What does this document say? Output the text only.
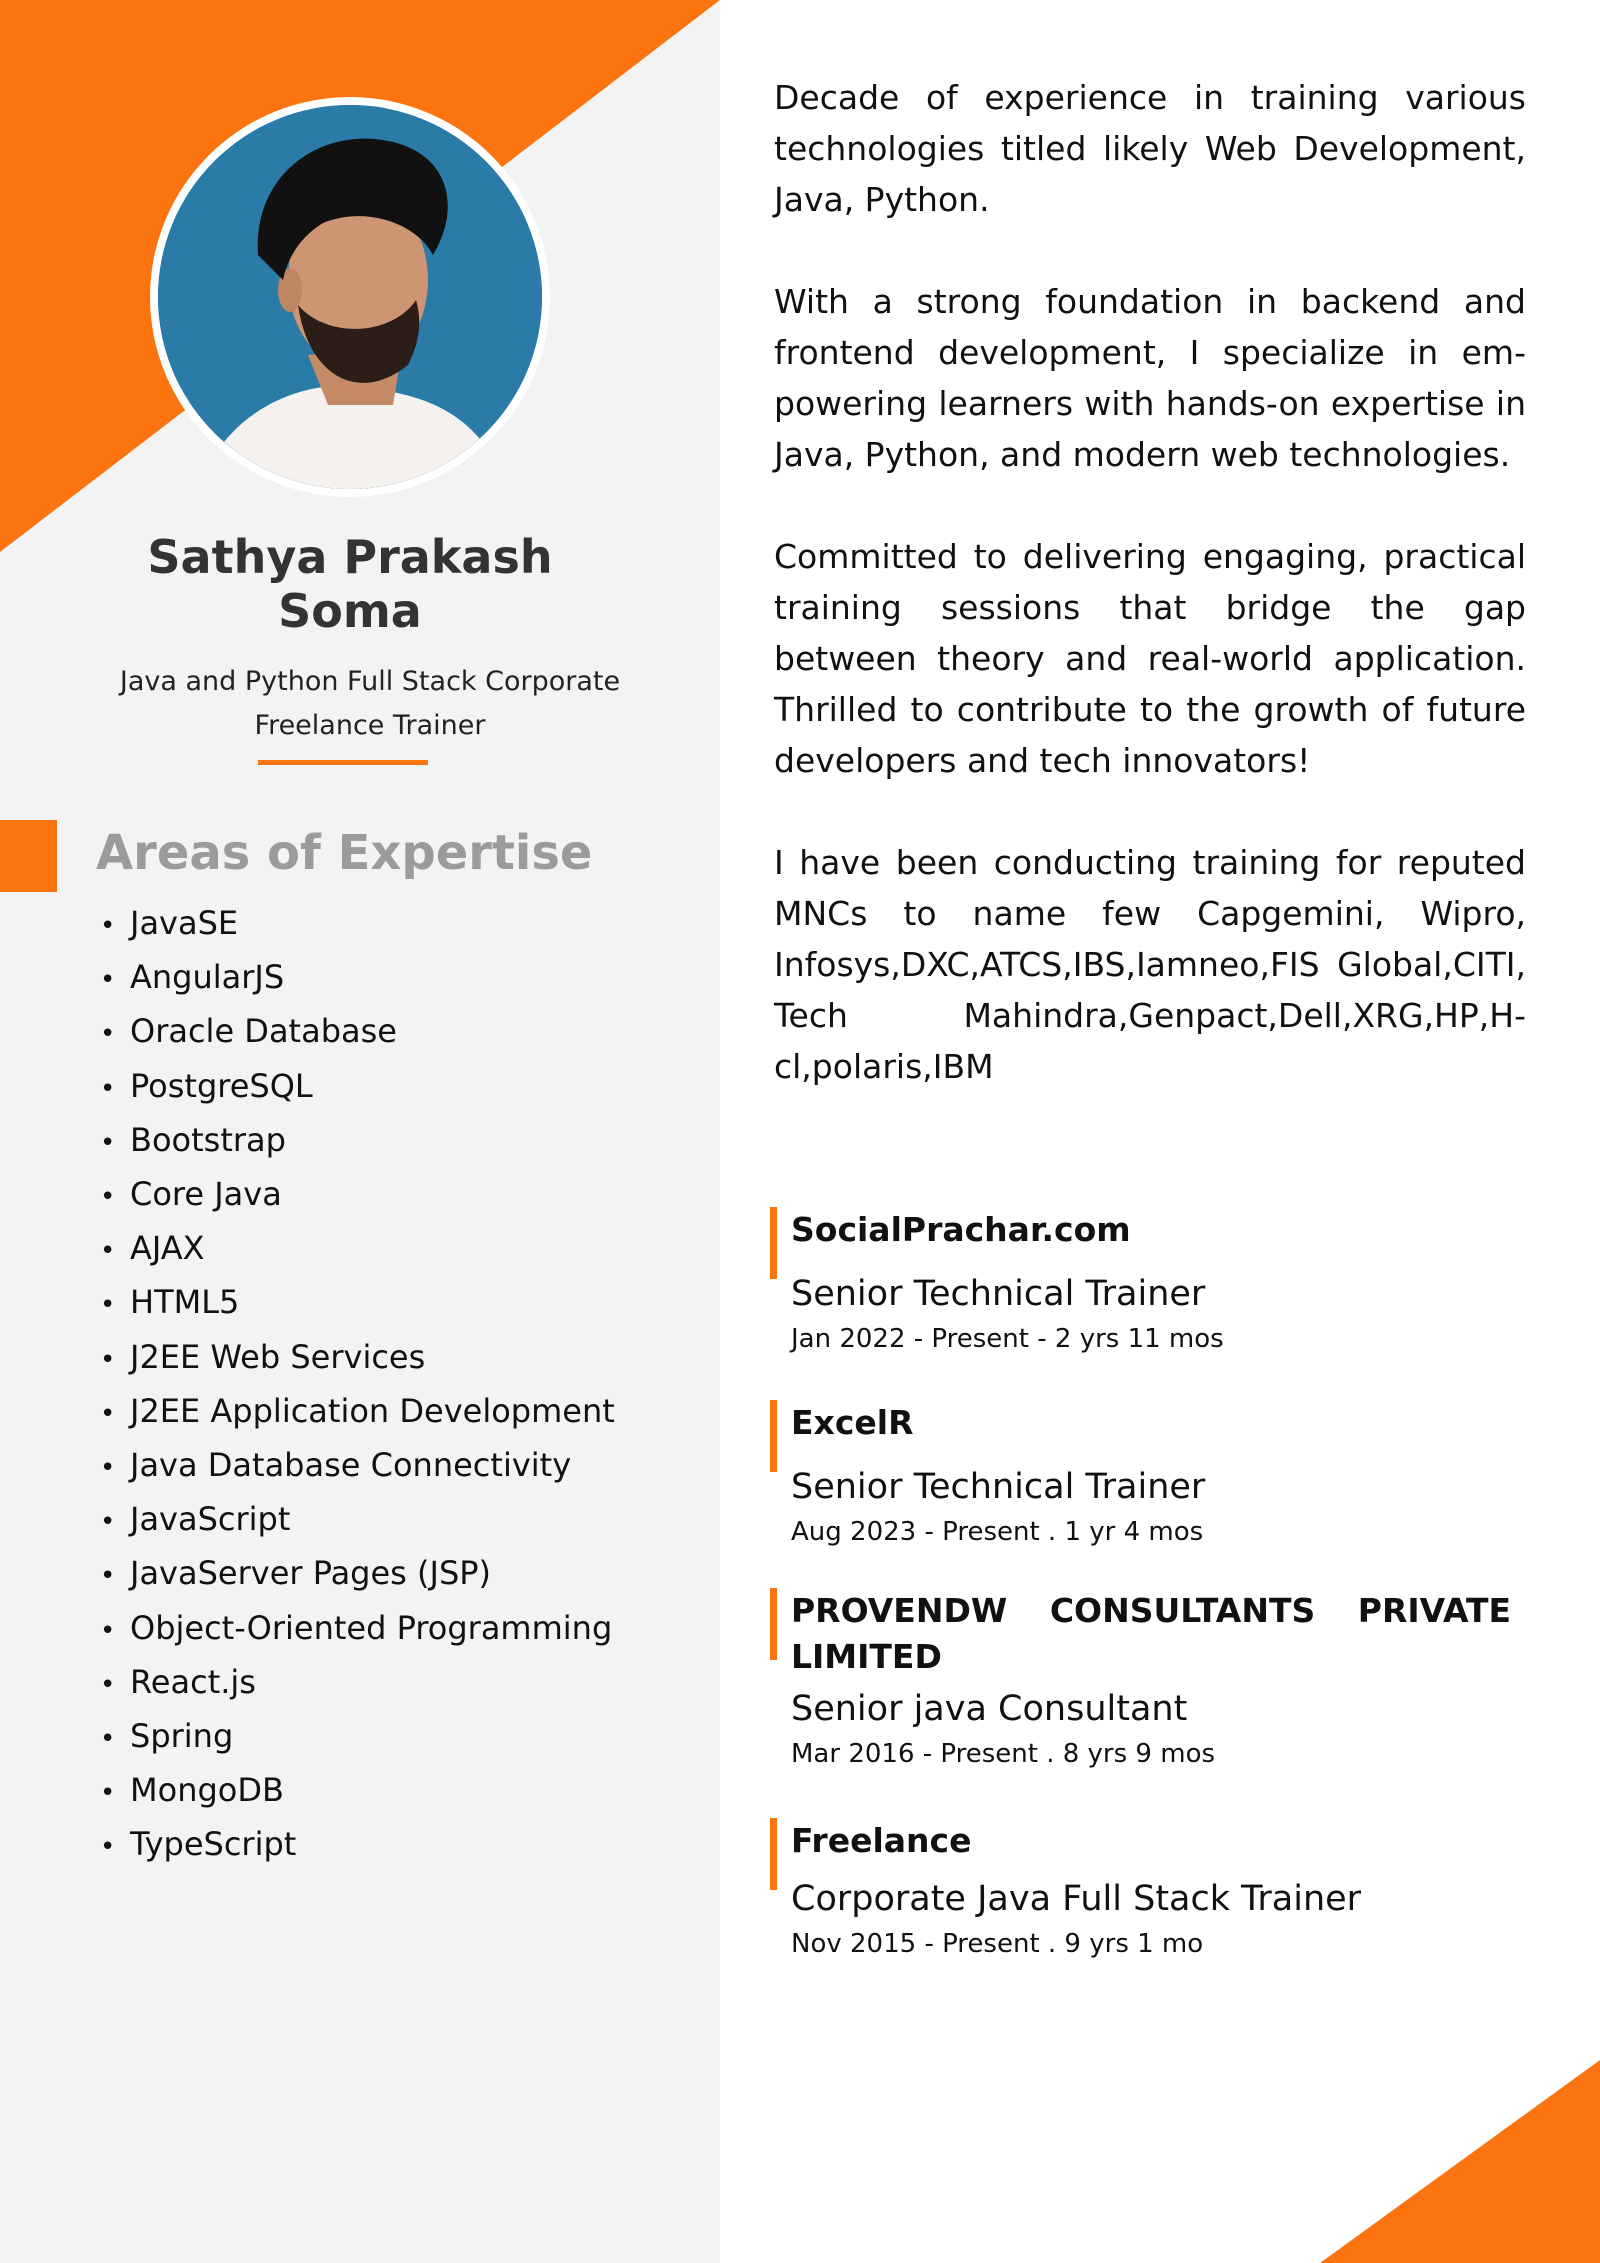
Sathya Prakash
Soma
Java and Python Full Stack Corporate Freelance Trainer
Areas of Expertise
• JavaSE
• AngularJS
• Oracle Database
• PostgreSQL
• Bootstrap
• Core Java
• AJAX
• HTML5
• J2EE Web Services
• J2EE Application Development
• Java Database Connectivity
• JavaScript
• JavaServer Pages (JSP)
• Object-Oriented Programming
• React.js
• Spring
• MongoDB
• TypeScript

Decade of experience in training various technologies titled likely Web Development, Java, Python.

With a strong foundation in backend and frontend development, I specialize in empowering learners with hands-on expertise in Java, Python, and modern web technologies.

Committed to delivering engaging, practical training sessions that bridge the gap between theory and real-world application. Thrilled to contribute to the growth of future developers and tech innovators!

I have been conducting training for reputed MNCs to name few Capgemini, Wipro, Infosys,DXC,ATCS,IBS,Iamneo,FIS Global,CITI, Tech Mahindra,Genpact,Dell,XRG,HP,Hcl,polaris,IBM

SocialPrachar.com
Senior Technical Trainer
Jan 2022 - Present - 2 yrs 11 mos
ExcelR
Senior Technical Trainer
Aug 2023 - Present . 1 yr 4 mos
PROVENDW CONSULTANTS PRIVATE LIMITED
Senior java Consultant
Mar 2016 - Present . 8 yrs 9 mos
Freelance
Corporate Java Full Stack Trainer
Nov 2015 - Present . 9 yrs 1 mo
